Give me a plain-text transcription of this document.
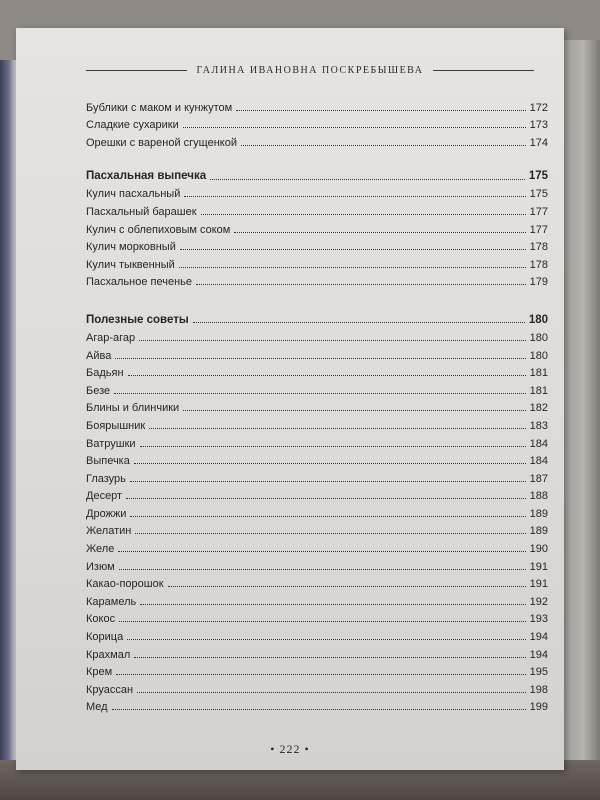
ГАЛИНА ИВАНОВНА ПОСКРЕБЫШЕВА
Бублики с маком и кунжутом	172
Сладкие сухарики	173
Орешки с вареной сгущенкой	174
Пасхальная выпечка	175
Кулич пасхальный	175
Пасхальный барашек	177
Кулич с облепиховым соком	177
Кулич морковный	178
Кулич тыквенный	178
Пасхальное печенье	179
Полезные советы	180
Агар-агар	180
Айва	180
Бадьян	181
Безе	181
Блины и блинчики	182
Боярышник	183
Ватрушки	184
Выпечка	184
Глазурь	187
Десерт	188
Дрожжи	189
Желатин	189
Желе	190
Изюм	191
Какао-порошок	191
Карамель	192
Кокос	193
Корица	194
Крахмал	194
Крем	195
Круассан	198
Мед	199
• 222 •
